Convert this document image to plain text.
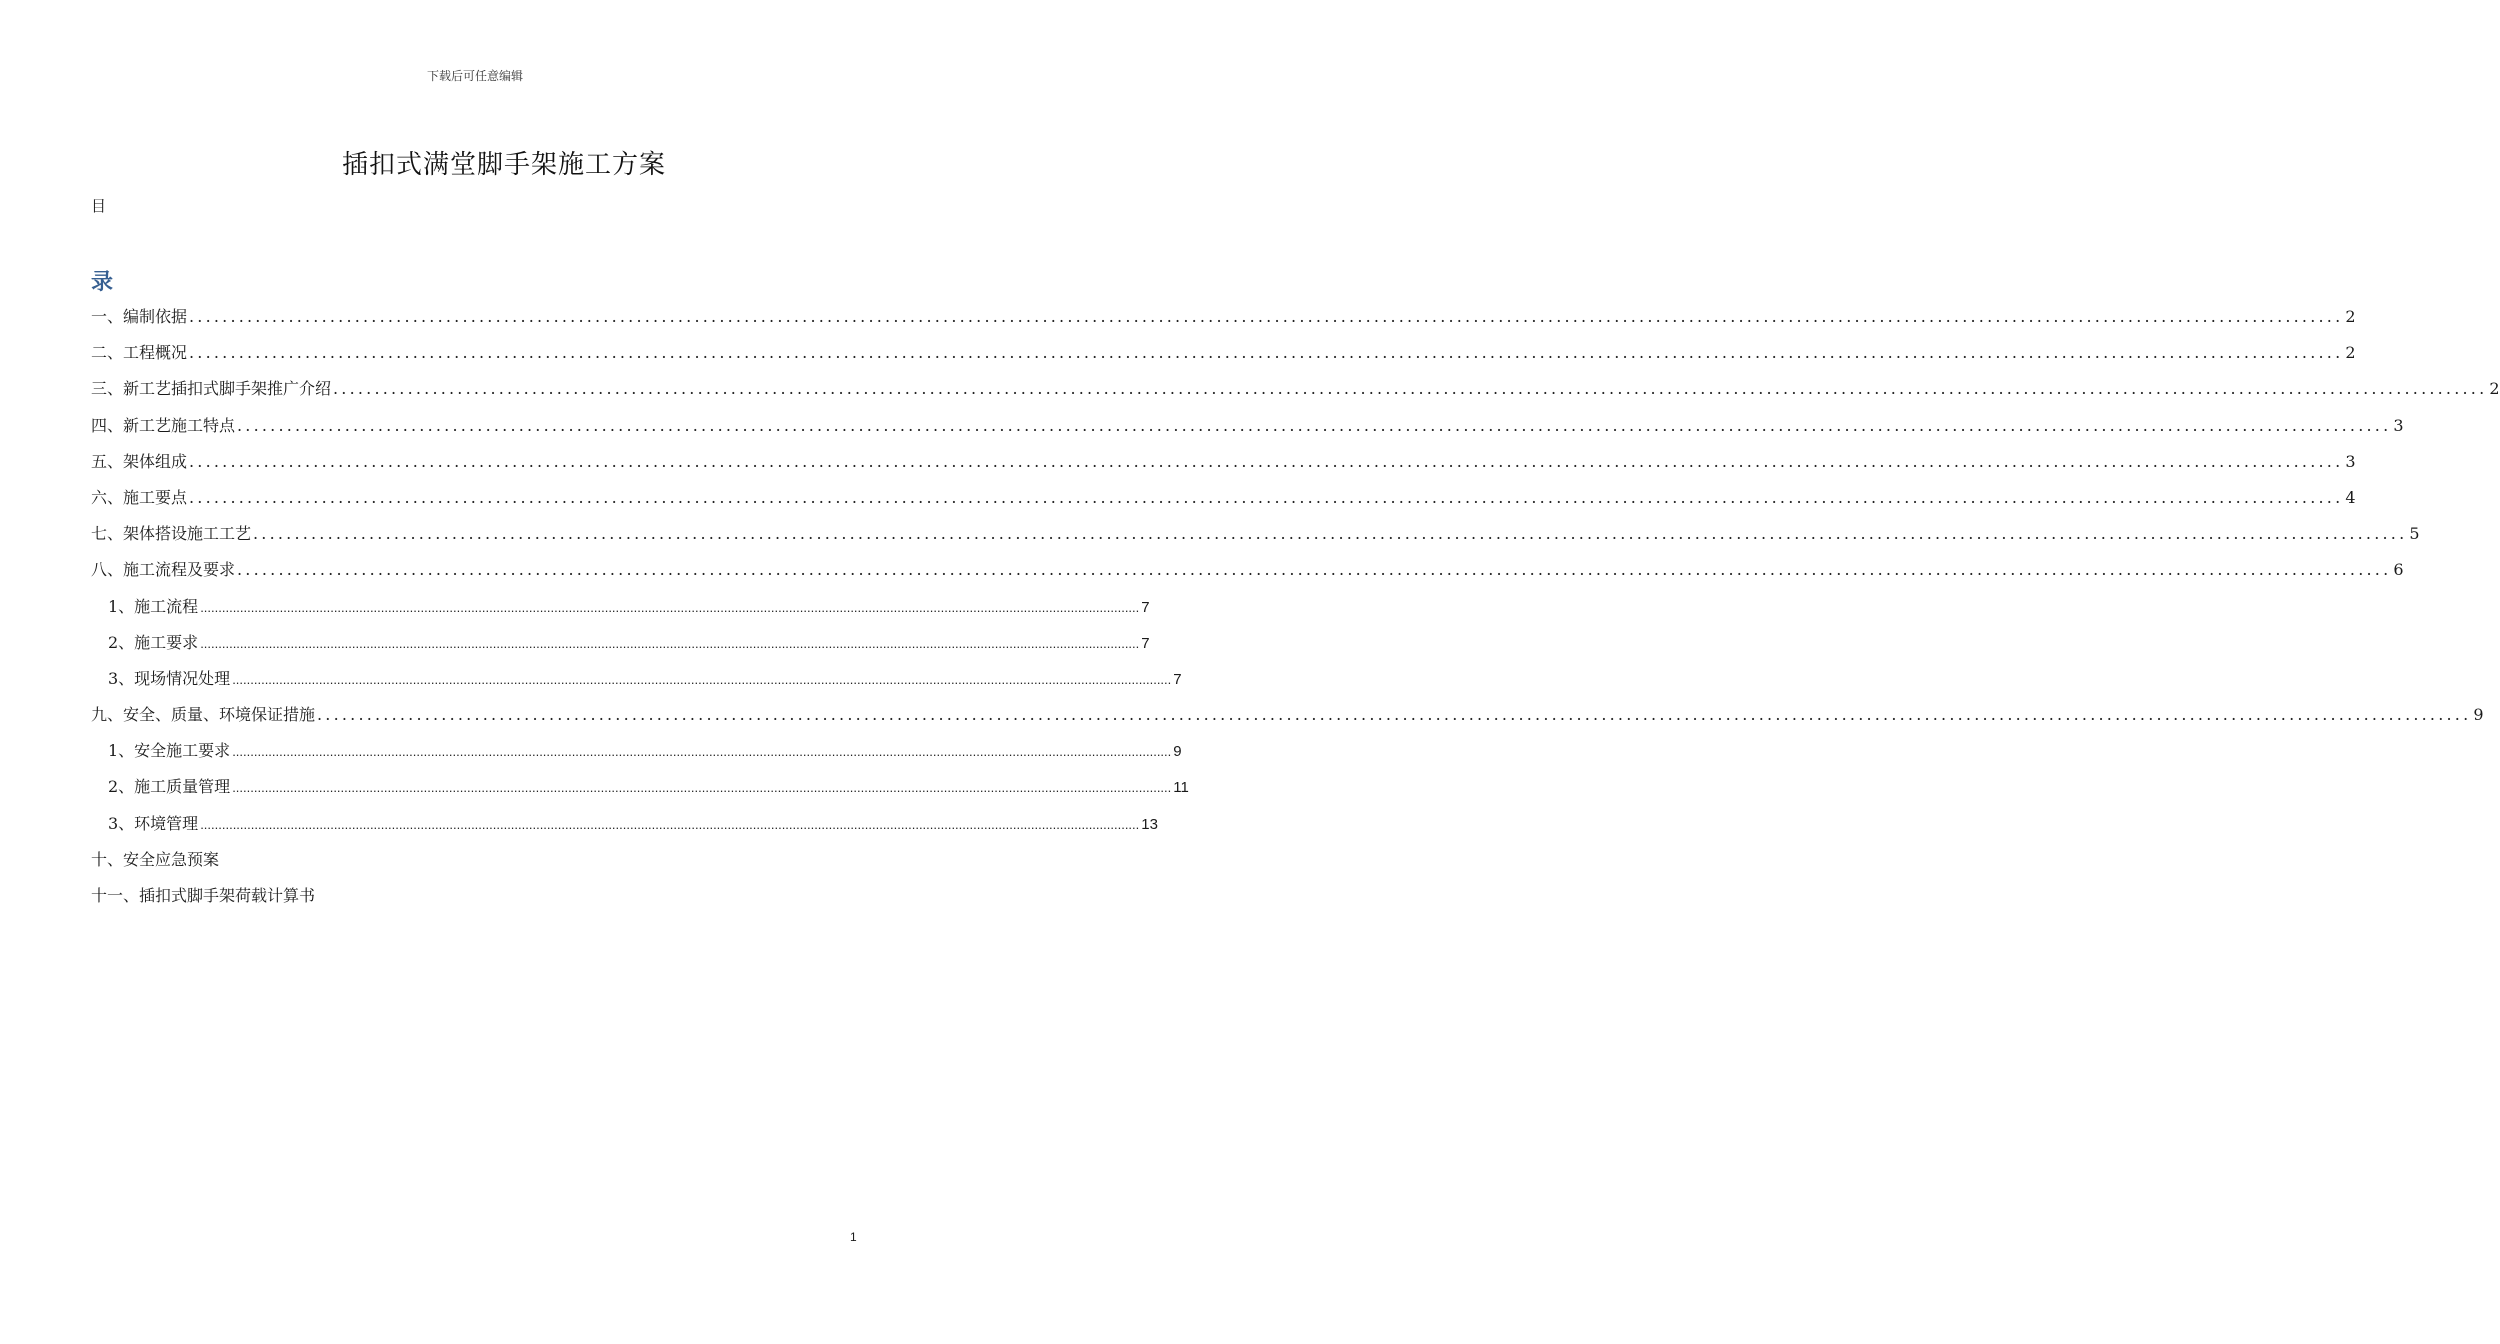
下载后可任意编辑
插扣式满堂脚手架施工方案
目
录
一、编制依据 .................................................................................................................................................................................................................................................................... 2
二、工程概况 .................................................................................................................................................................................................................................................................... 2
三、新工艺插扣式脚手架推广介绍 .................................................................................................................................................................................................................................................................... 2
四、新工艺施工特点 .................................................................................................................................................................................................................................................................... 3
五、架体组成 .................................................................................................................................................................................................................................................................... 3
六、施工要点 .................................................................................................................................................................................................................................................................... 4
七、架体搭设施工工艺 .................................................................................................................................................................................................................................................................... 5
八、施工流程及要求 .................................................................................................................................................................................................................................................................... 6
1、施工流程 .................................................................................................................................................................................................................................................................... 7
2、施工要求 .................................................................................................................................................................................................................................................................... 7
3、现场情况处理 .................................................................................................................................................................................................................................................................... 7
九、安全、质量、环境保证措施 .................................................................................................................................................................................................................................................................... 9
1、安全施工要求 .................................................................................................................................................................................................................................................................... 9
2、施工质量管理 .................................................................................................................................................................................................................................................................... 11
3、环境管理 .................................................................................................................................................................................................................................................................... 13
十、安全应急预案
十一、插扣式脚手架荷载计算书
1
